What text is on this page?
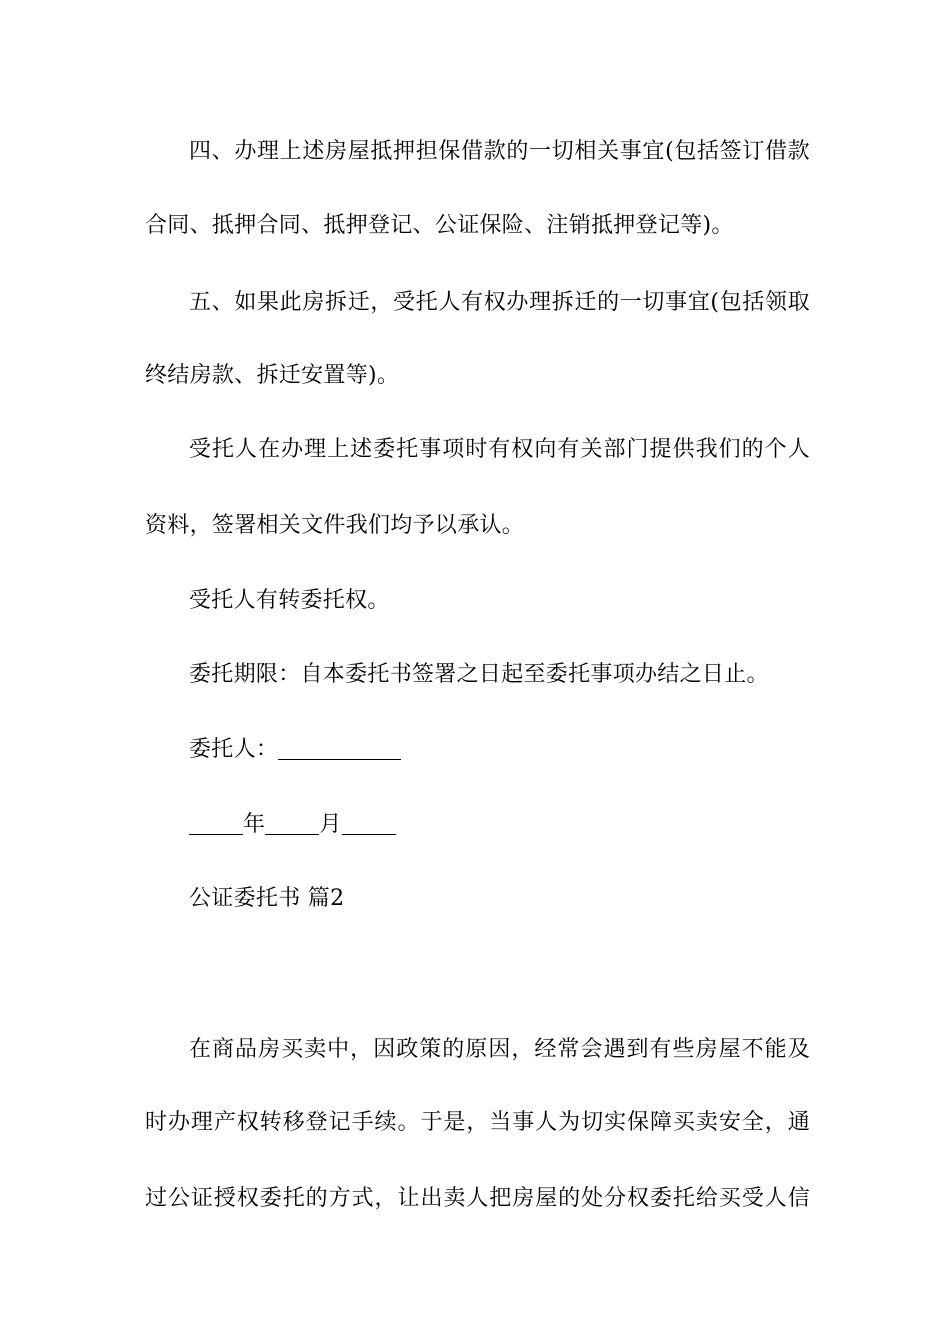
四、办理上述房屋抵押担保借款的一切相关事宜(包括签订借款
合同、抵押合同、抵押登记、公证保险、注销抵押登记等)。
五、如果此房拆迁，受托人有权办理拆迁的一切事宜(包括领取
终结房款、拆迁安置等)。
受托人在办理上述委托事项时有权向有关部门提供我们的个人
资料，签署相关文件我们均予以承认。
受托人有转委托权。
委托期限：自本委托书签署之日起至委托事项办结之日止。
委托人：
年 月
公证委托书 篇2
在商品房买卖中，因政策的原因，经常会遇到有些房屋不能及
时办理产权转移登记手续。于是，当事人为切实保障买卖安全，通
过公证授权委托的方式，让出卖人把房屋的处分权委托给买受人信
